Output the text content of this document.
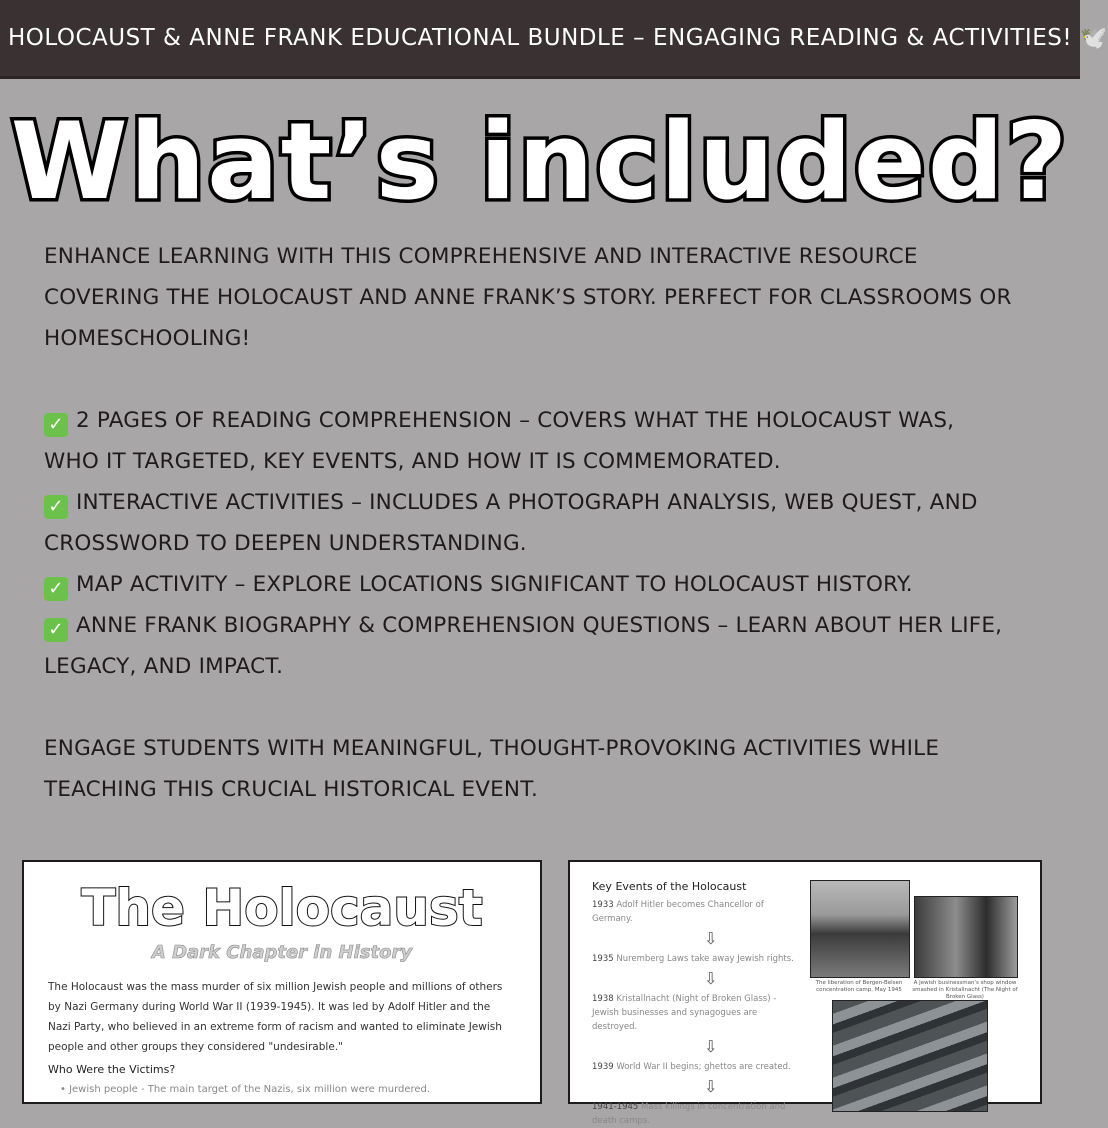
HOLOCAUST & ANNE FRANK EDUCATIONAL BUNDLE – ENGAGING READING & ACTIVITIES! 🕊️
What’s included?

ENHANCE LEARNING WITH THIS COMPREHENSIVE AND INTERACTIVE RESOURCE

COVERING THE HOLOCAUST AND ANNE FRANK’S STORY. PERFECT FOR CLASSROOMS OR

HOMESCHOOLING!

✓ 2 PAGES OF READING COMPREHENSION – COVERS WHAT THE HOLOCAUST WAS,

WHO IT TARGETED, KEY EVENTS, AND HOW IT IS COMMEMORATED.

✓ INTERACTIVE ACTIVITIES – INCLUDES A PHOTOGRAPH ANALYSIS, WEB QUEST, AND

CROSSWORD TO DEEPEN UNDERSTANDING.

✓ MAP ACTIVITY – EXPLORE LOCATIONS SIGNIFICANT TO HOLOCAUST HISTORY.

✓ ANNE FRANK BIOGRAPHY & COMPREHENSION QUESTIONS – LEARN ABOUT HER LIFE,

LEGACY, AND IMPACT.

ENGAGE STUDENTS WITH MEANINGFUL, THOUGHT-PROVOKING ACTIVITIES WHILE

TEACHING THIS CRUCIAL HISTORICAL EVENT.

The Holocaust
A Dark Chapter in History
The Holocaust was the mass murder of six million Jewish people and millions of others by Nazi Germany during World War II (1939-1945). It was led by Adolf Hitler and the Nazi Party, who believed in an extreme form of racism and wanted to eliminate Jewish people and other groups they considered "undesirable."
Who Were the Victims?
• Jewish people - The main target of the Nazis, six million were murdered.
Key Events of the Holocaust
1933 Adolf Hitler becomes Chancellor of Germany.
⇩
1935 Nuremberg Laws take away Jewish rights.
⇩
1938 Kristallnacht (Night of Broken Glass) - Jewish businesses and synagogues are destroyed.
⇩
1939 World War II begins; ghettos are created.
⇩
1941-1945 Mass killings in concentration and death camps.
The liberation of Bergen-Belsen concentration camp, May 1945
A Jewish businessman's shop window smashed in Kristallnacht (The Night of Broken Glass)
